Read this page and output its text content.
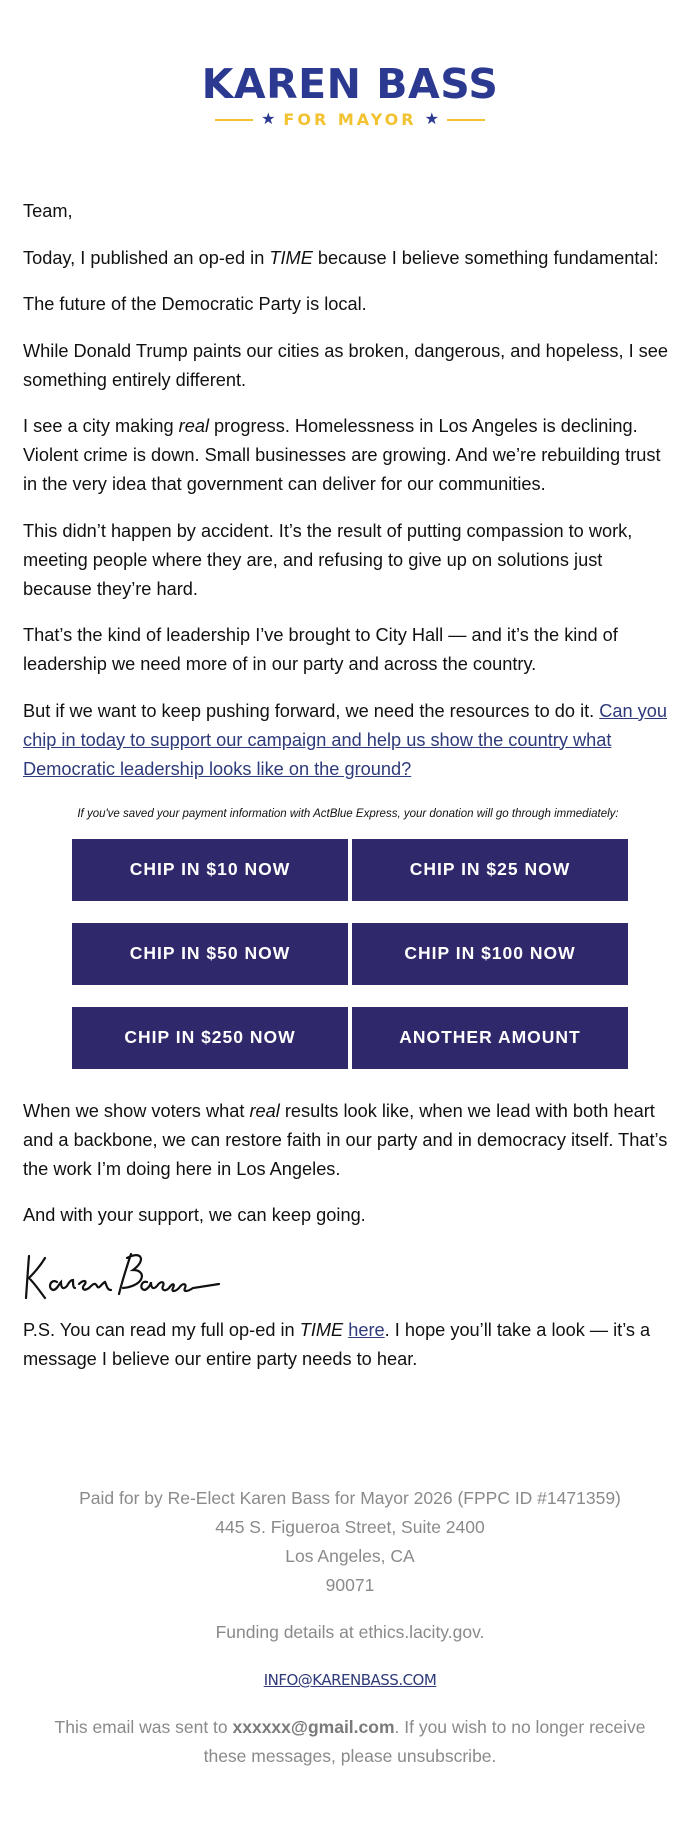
KAREN BASS
★ FOR MAYOR ★

Team,

Today, I published an op-ed in TIME because I believe something fundamental:

The future of the Democratic Party is local.

While Donald Trump paints our cities as broken, dangerous, and hopeless, I see something entirely different.

I see a city making real progress. Homelessness in Los Angeles is declining. Violent crime is down. Small businesses are growing. And we’re rebuilding trust in the very idea that government can deliver for our communities.

This didn’t happen by accident. It’s the result of putting compassion to work, meeting people where they are, and refusing to give up on solutions just because they’re hard.

That’s the kind of leadership I’ve brought to City Hall — and it’s the kind of leadership we need more of in our party and across the country.

But if we want to keep pushing forward, we need the resources to do it. Can you chip in today to support our campaign and help us show the country what Democratic leadership looks like on the ground?

If you've saved your payment information with ActBlue Express, your donation will go through immediately:

CHIP IN $10 NOW	CHIP IN $25 NOW
CHIP IN $50 NOW	CHIP IN $100 NOW
CHIP IN $250 NOW	ANOTHER AMOUNT

When we show voters what real results look like, when we lead with both heart and a backbone, we can restore faith in our party and in democracy itself. That’s the work I’m doing here in Los Angeles.

And with your support, we can keep going.

P.S. You can read my full op-ed in TIME here. I hope you’ll take a look — it’s a message I believe our entire party needs to hear.

Paid for by Re-Elect Karen Bass for Mayor 2026 (FPPC ID #1471359)
445 S. Figueroa Street, Suite 2400
Los Angeles, CA
90071

Funding details at ethics.lacity.gov.

INFO@KARENBASS.COM

This email was sent to xxxxxx@gmail.com. If you wish to no longer receive these messages, please unsubscribe.
